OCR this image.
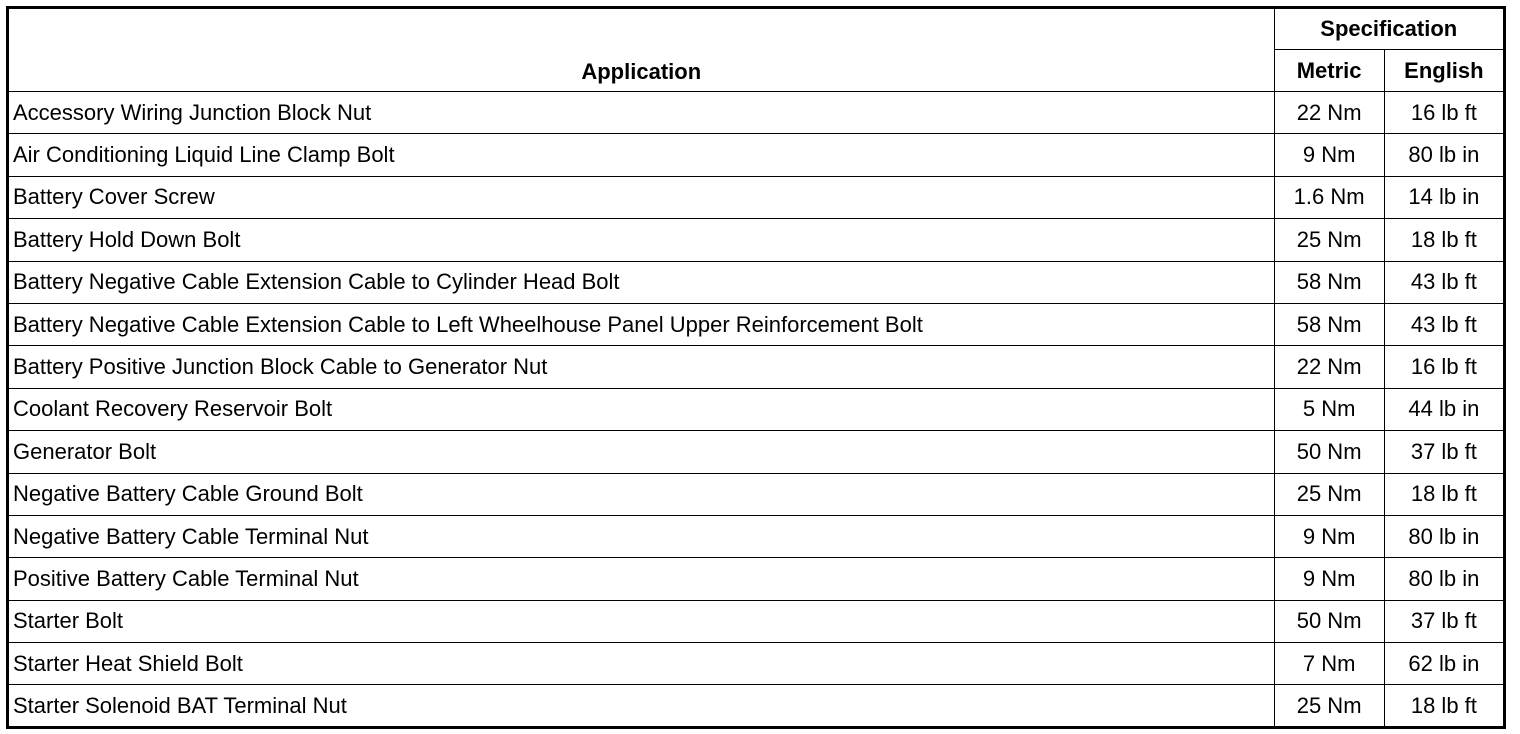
Application	Specification	
	Metric	English
Accessory Wiring Junction Block Nut	22 Nm	16 lb ft
Air Conditioning Liquid Line Clamp Bolt	9 Nm	80 lb in
Battery Cover Screw	1.6 Nm	14 lb in
Battery Hold Down Bolt	25 Nm	18 lb ft
Battery Negative Cable Extension Cable to Cylinder Head Bolt	58 Nm	43 lb ft
Battery Negative Cable Extension Cable to Left Wheelhouse Panel Upper Reinforcement Bolt	58 Nm	43 lb ft
Battery Positive Junction Block Cable to Generator Nut	22 Nm	16 lb ft
Coolant Recovery Reservoir Bolt	5 Nm	44 lb in
Generator Bolt	50 Nm	37 lb ft
Negative Battery Cable Ground Bolt	25 Nm	18 lb ft
Negative Battery Cable Terminal Nut	9 Nm	80 lb in
Positive Battery Cable Terminal Nut	9 Nm	80 lb in
Starter Bolt	50 Nm	37 lb ft
Starter Heat Shield Bolt	7 Nm	62 lb in
Starter Solenoid BAT Terminal Nut	25 Nm	18 lb ft
